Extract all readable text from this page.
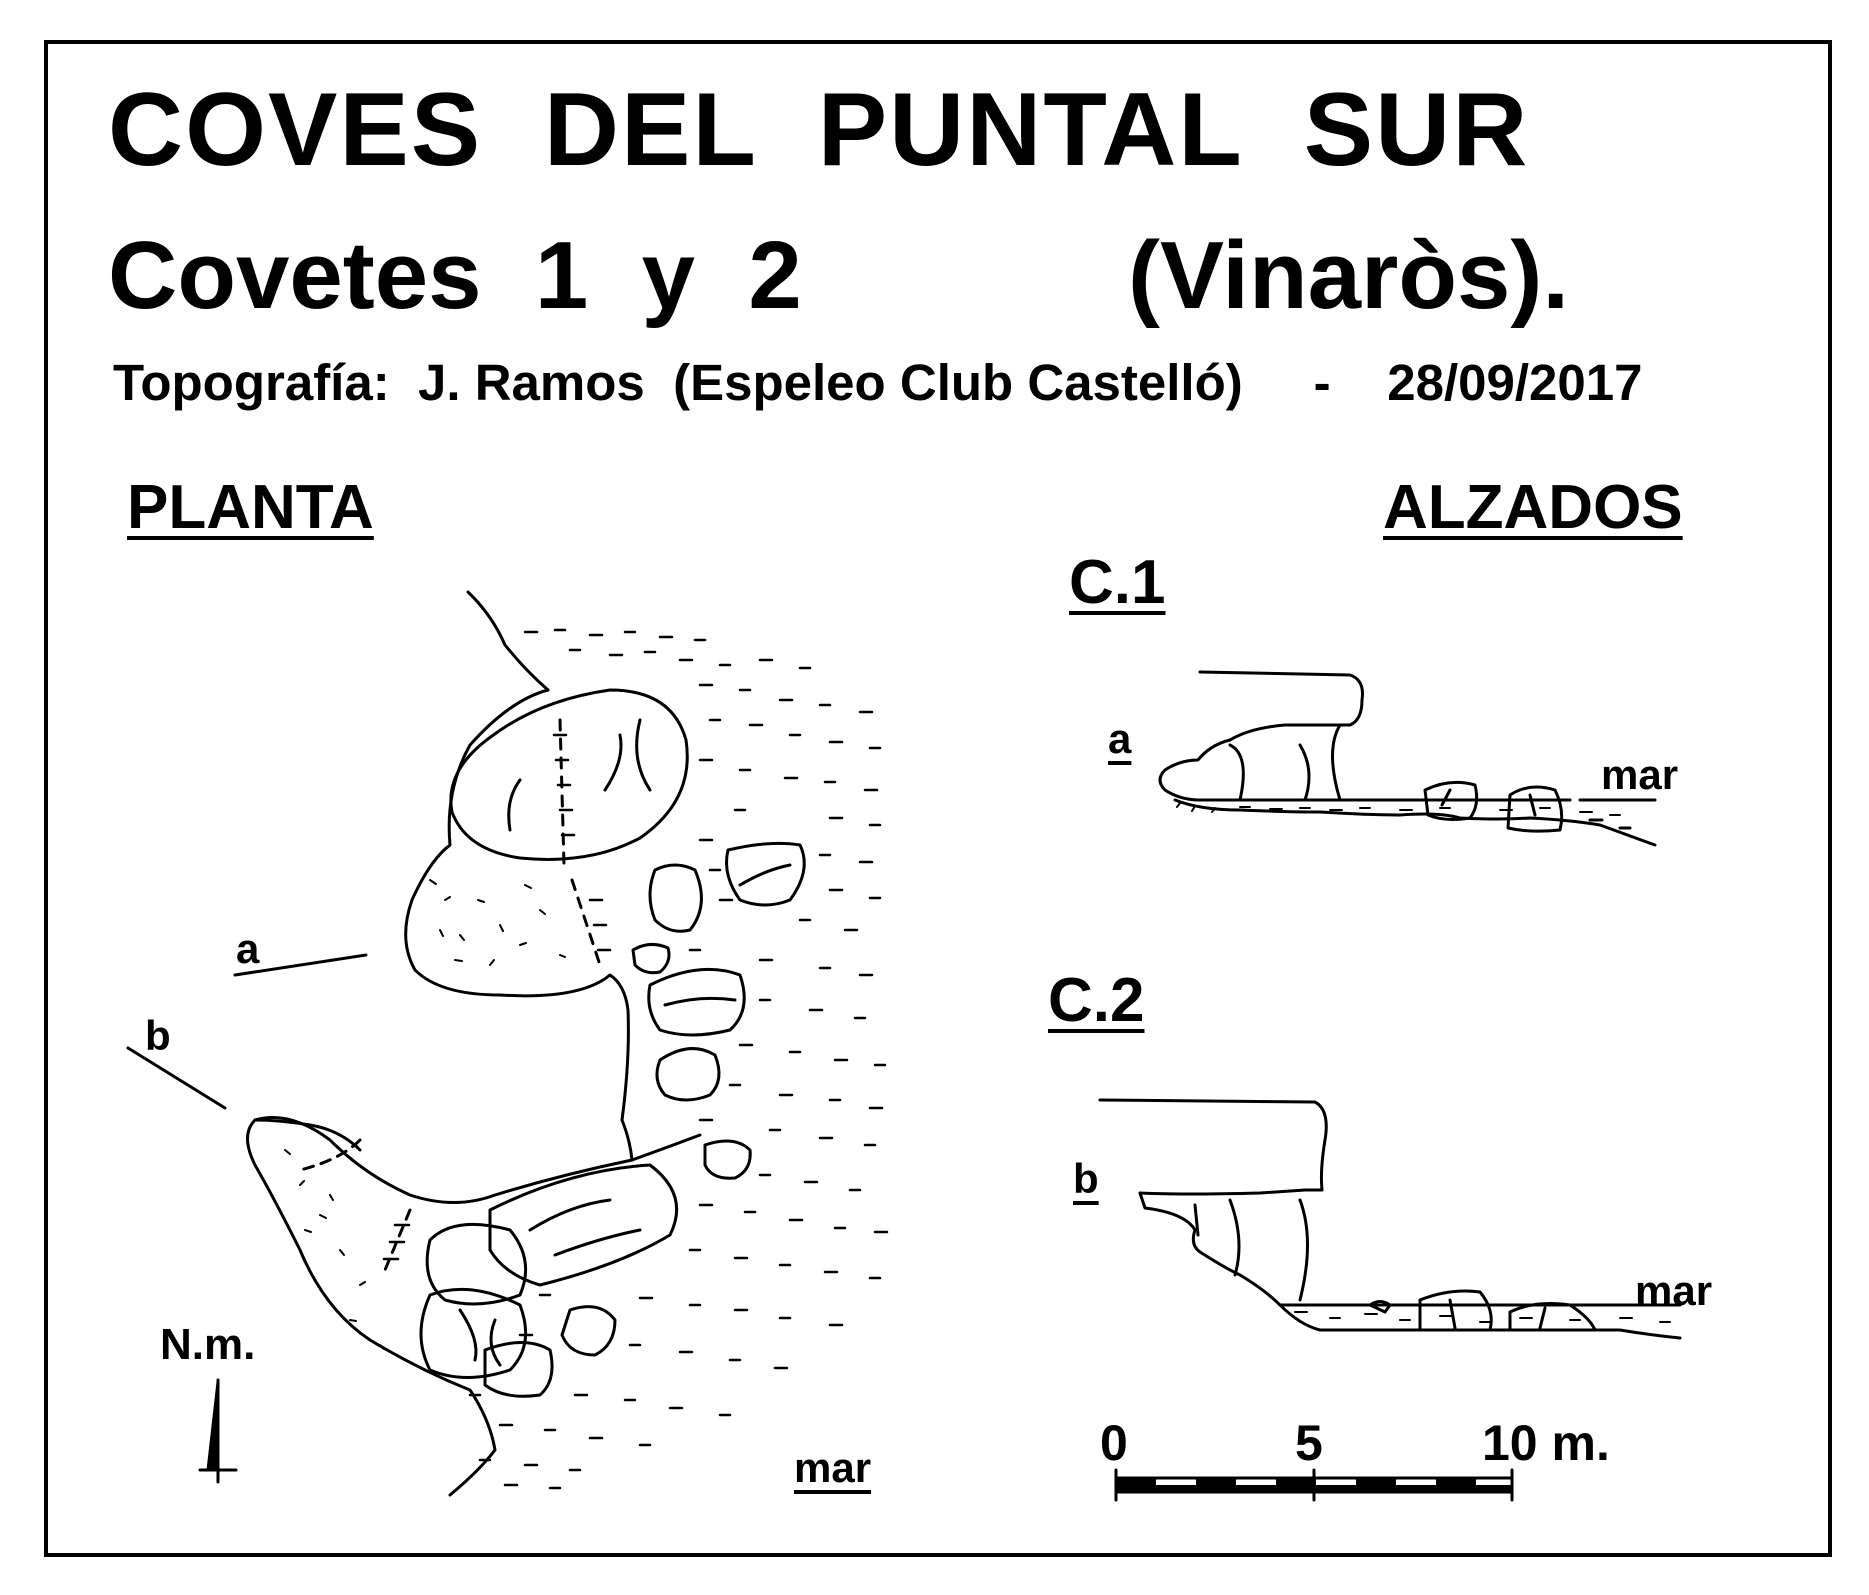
COVES  DEL  PUNTAL  SUR
Covetes  1  y  2	(Vinaròs).
Topografía:  J. Ramos  (Espeleo Club Castelló)     -    28/09/2017
PLANTA	ALZADOS
C.1
C.2
a
b
a
b
mar
mar
mar
N.m.
0	5	10 m.
